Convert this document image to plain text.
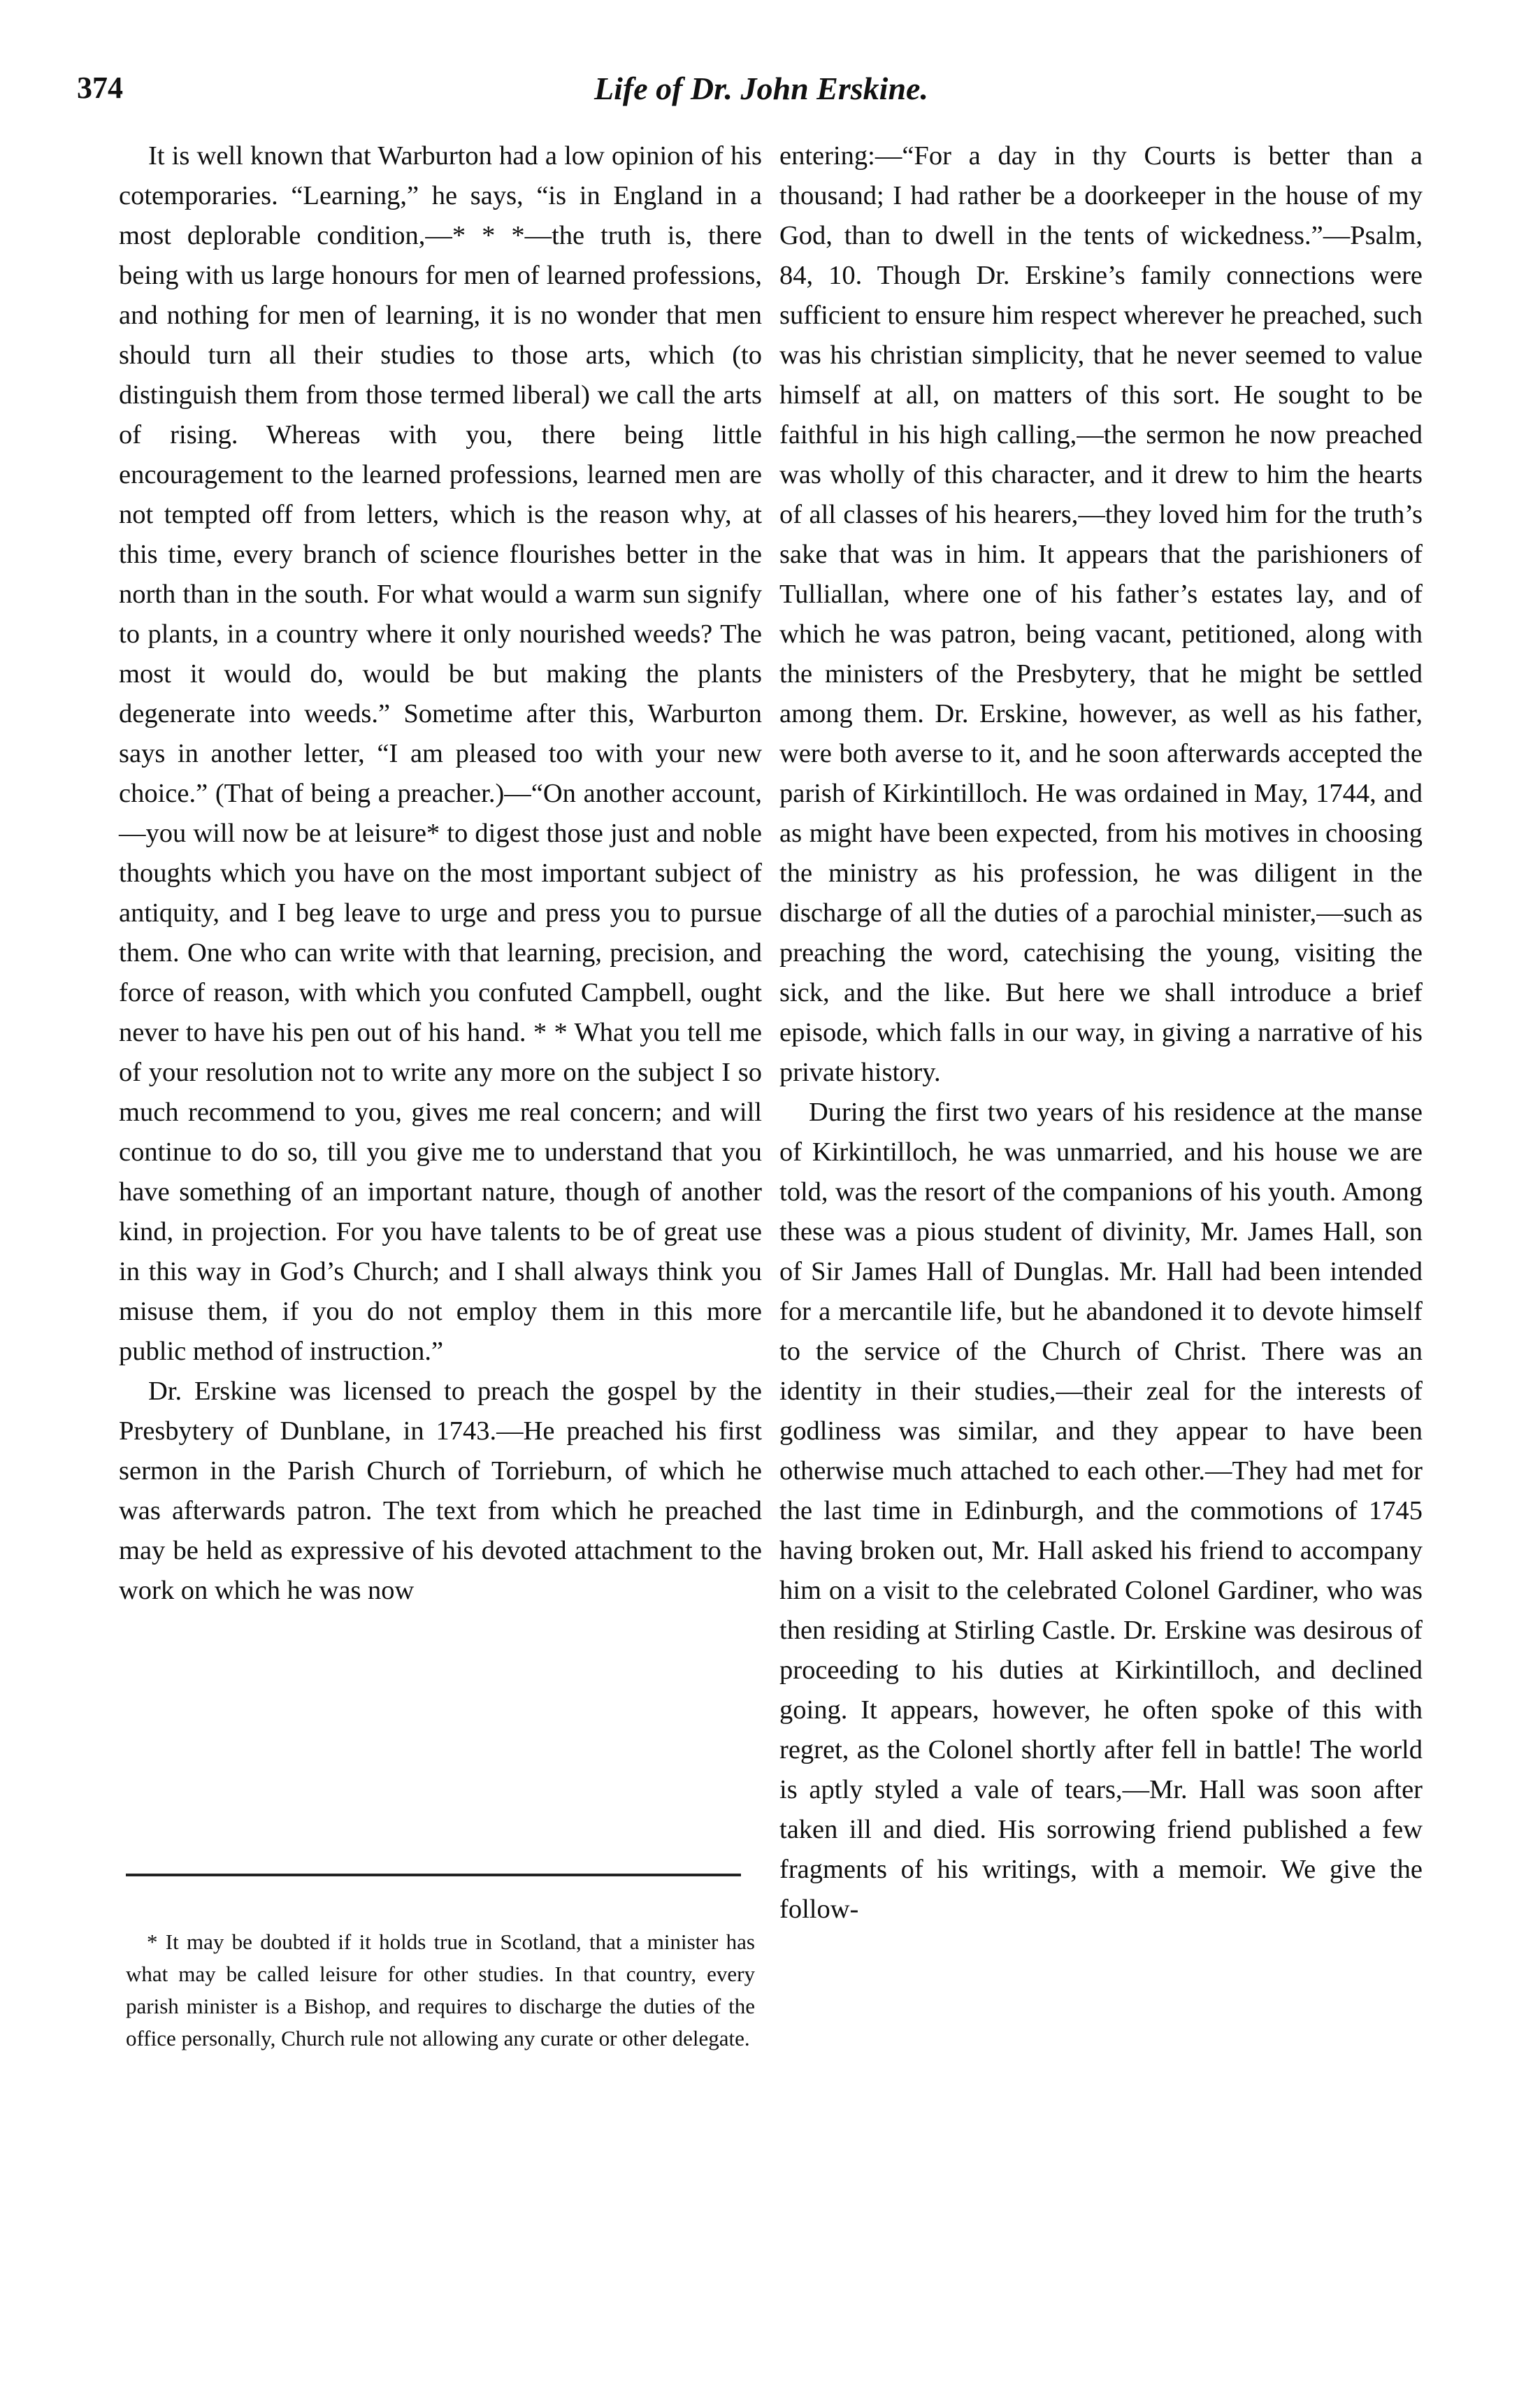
374	Life of Dr. John Erskine.

It is well known that Warburton had a low opinion of his cotemporaries. “Learning,” he says, “is in England in a most deplorable condition,—* * *—the truth is, there being with us large honours for men of learned professions, and nothing for men of learning, it is no wonder that men should turn all their studies to those arts, which (to distinguish them from those termed liberal) we call the arts of rising. Whereas with you, there being little encouragement to the learned professions, learned men are not tempted off from letters, which is the reason why, at this time, every branch of science flourishes better in the north than in the south. For what would a warm sun signify to plants, in a country where it only nourished weeds? The most it would do, would be but making the plants degenerate into weeds.” Sometime after this, Warburton says in another letter, “I am pleased too with your new choice.” (That of being a preacher.)—“On another account,—you will now be at leisure* to digest those just and noble thoughts which you have on the most important subject of antiquity, and I beg leave to urge and press you to pursue them. One who can write with that learning, precision, and force of reason, with which you confuted Campbell, ought never to have his pen out of his hand. * * What you tell me of your resolution not to write any more on the subject I so much recommend to you, gives me real concern; and will continue to do so, till you give me to understand that you have something of an important nature, though of another kind, in projection. For you have talents to be of great use in this way in God’s Church; and I shall always think you misuse them, if you do not employ them in this more public method of instruction.”

Dr. Erskine was licensed to preach the gospel by the Presbytery of Dunblane, in 1743.—He preached his first sermon in the Parish Church of Torrieburn, of which he was afterwards patron. The text from which he preached may be held as expressive of his devoted attachment to the work on which he was now

entering:—“For a day in thy Courts is better than a thousand; I had rather be a doorkeeper in the house of my God, than to dwell in the tents of wickedness.”—Psalm, 84, 10. Though Dr. Erskine’s family connections were sufficient to ensure him respect wherever he preached, such was his christian simplicity, that he never seemed to value himself at all, on matters of this sort. He sought to be faithful in his high calling,—the sermon he now preached was wholly of this character, and it drew to him the hearts of all classes of his hearers,—they loved him for the truth’s sake that was in him. It appears that the parishioners of Tulliallan, where one of his father’s estates lay, and of which he was patron, being vacant, petitioned, along with the ministers of the Presbytery, that he might be settled among them. Dr. Erskine, however, as well as his father, were both averse to it, and he soon afterwards accepted the parish of Kirkintilloch. He was ordained in May, 1744, and as might have been expected, from his motives in choosing the ministry as his profession, he was diligent in the discharge of all the duties of a parochial minister,—such as preaching the word, catechising the young, visiting the sick, and the like. But here we shall introduce a brief episode, which falls in our way, in giving a narrative of his private history.

During the first two years of his residence at the manse of Kirkintilloch, he was unmarried, and his house we are told, was the resort of the companions of his youth. Among these was a pious student of divinity, Mr. James Hall, son of Sir James Hall of Dunglas. Mr. Hall had been intended for a mercantile life, but he abandoned it to devote himself to the service of the Church of Christ. There was an identity in their studies,—their zeal for the interests of godliness was similar, and they appear to have been otherwise much attached to each other.—They had met for the last time in Edinburgh, and the commotions of 1745 having broken out, Mr. Hall asked his friend to accompany him on a visit to the celebrated Colonel Gardiner, who was then residing at Stirling Castle. Dr. Erskine was desirous of proceeding to his duties at Kirkintilloch, and declined going. It appears, however, he often spoke of this with regret, as the Colonel shortly after fell in battle! The world is aptly styled a vale of tears,—Mr. Hall was soon after taken ill and died. His sorrowing friend published a few fragments of his writings, with a memoir. We give the follow-

* It may be doubted if it holds true in Scotland, that a minister has what may be called leisure for other studies. In that country, every parish minister is a Bishop, and requires to discharge the duties of the office personally, Church rule not allowing any curate or other delegate.
